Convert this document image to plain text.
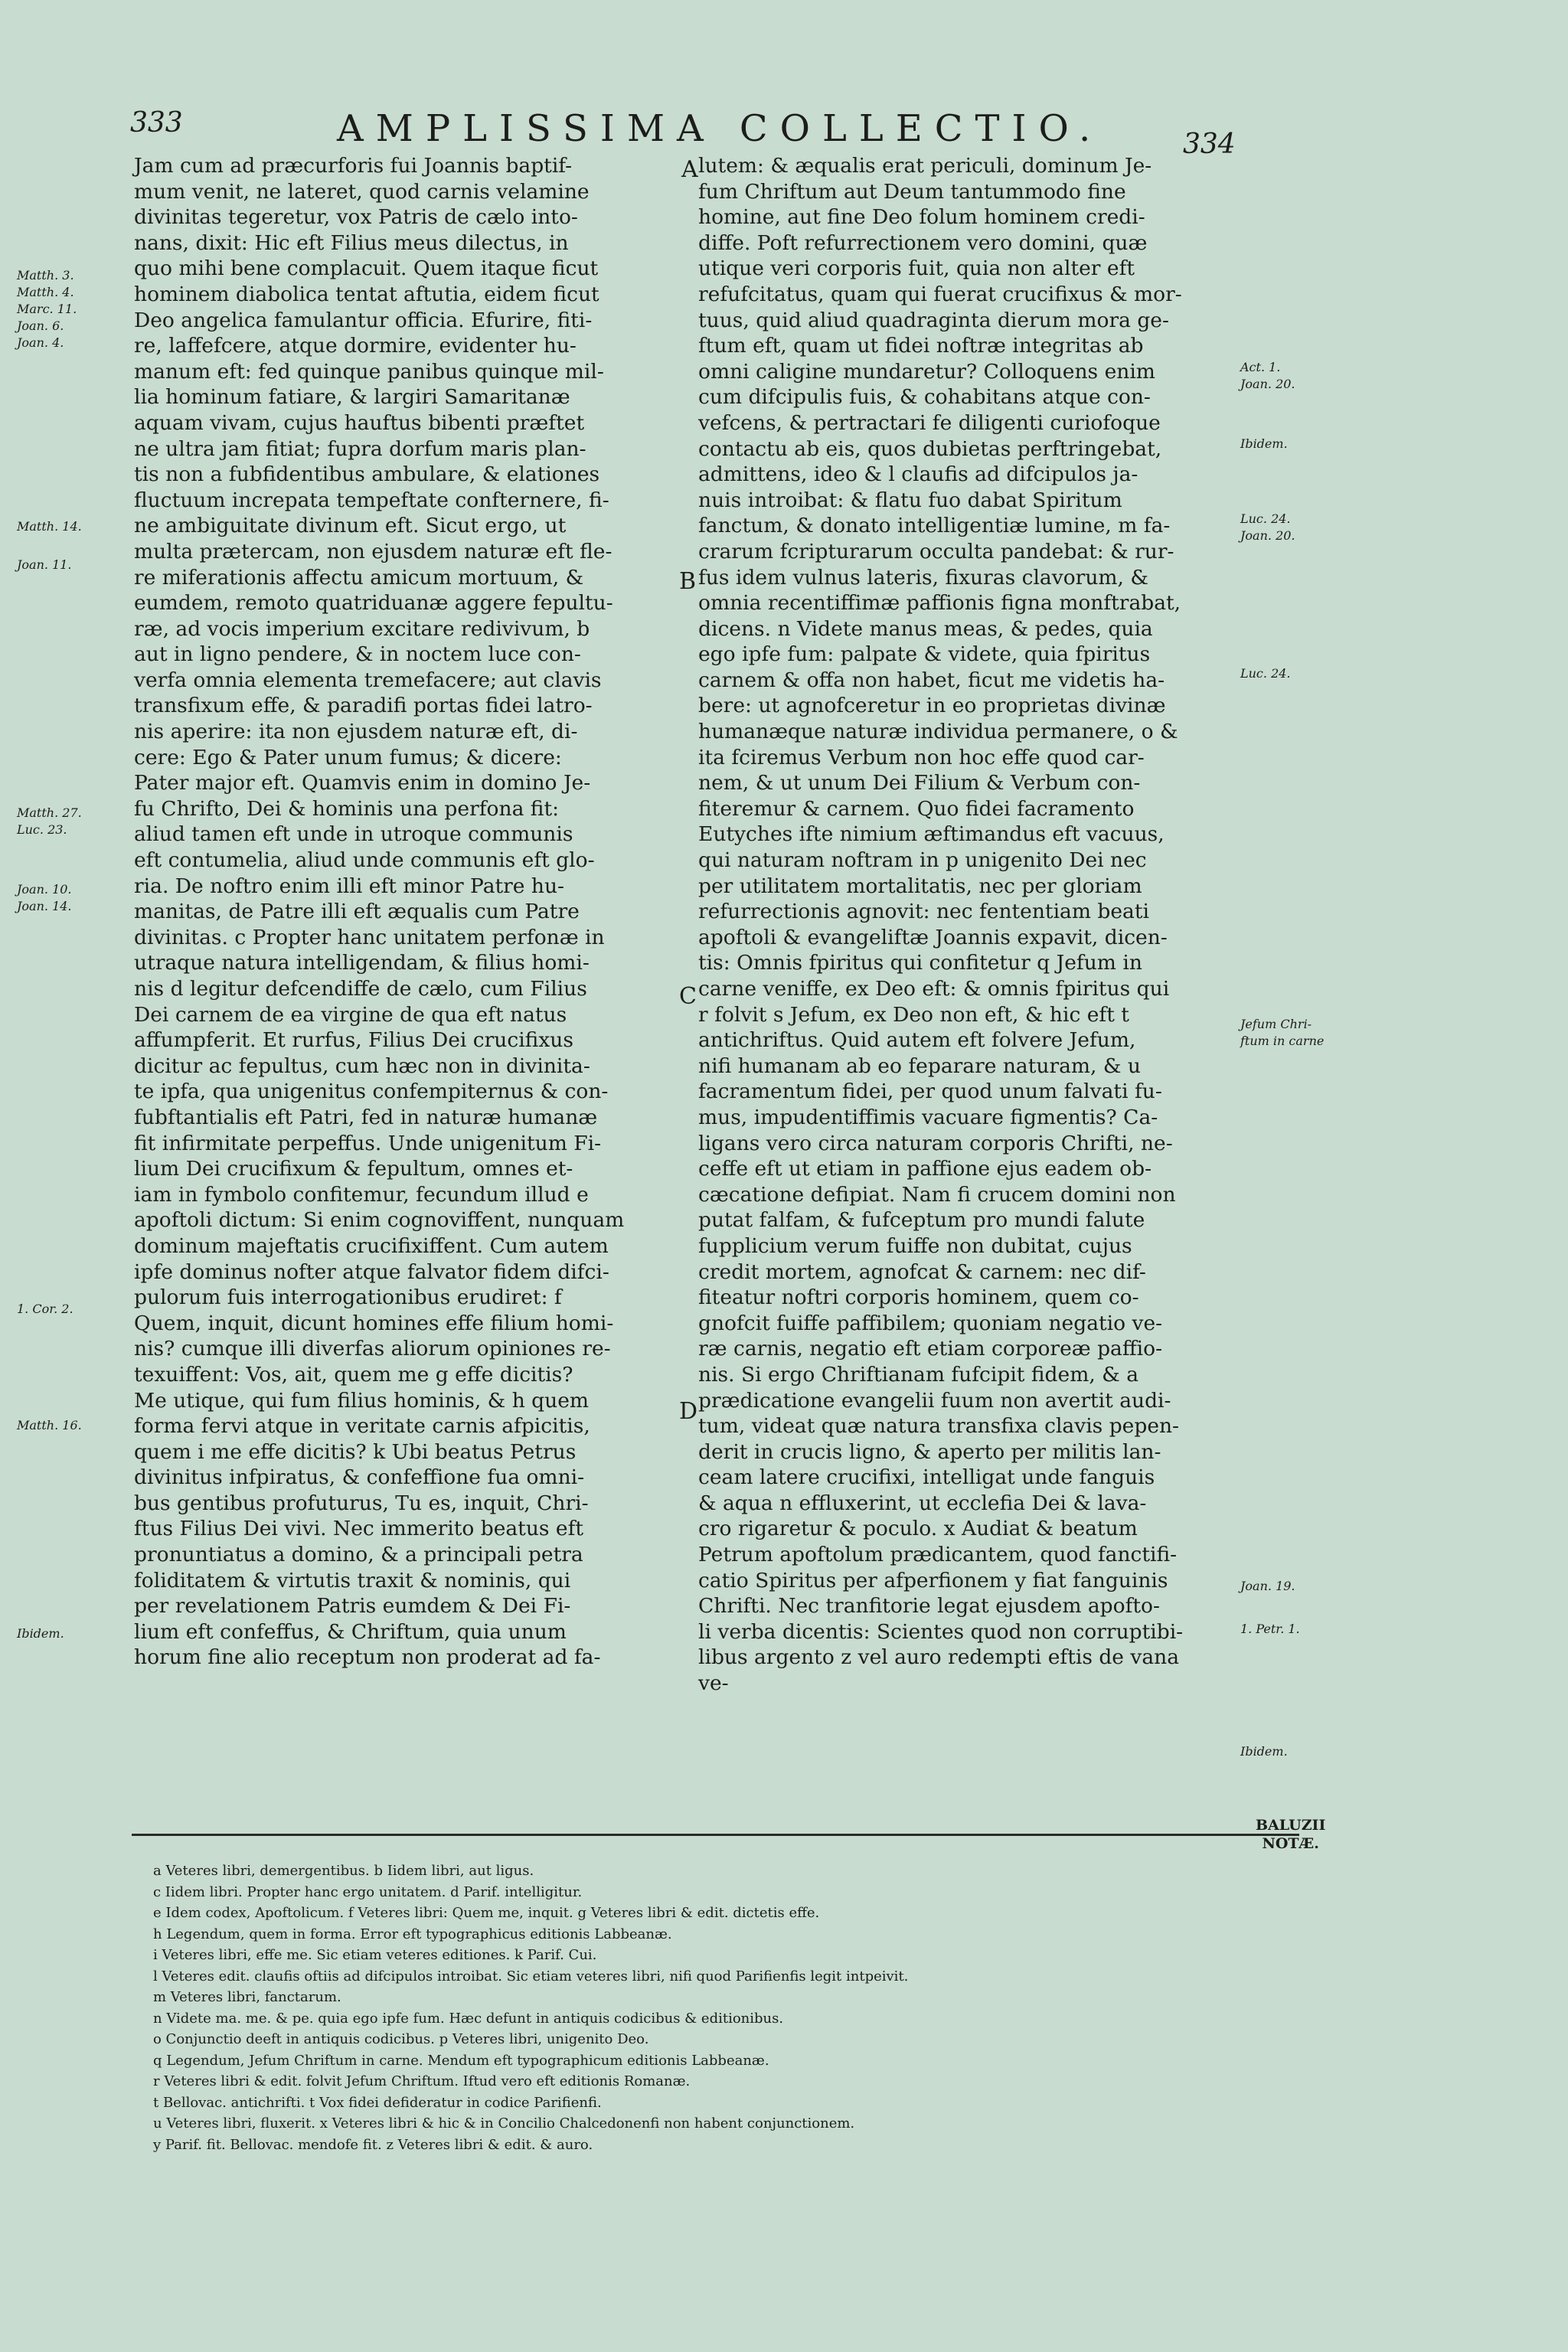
333	AMPLISSIMA COLLECTIO.	334
Jam cum ad præcurforis fui Joannis baptif-
mum venit, ne lateret, quod carnis velamine
divinitas tegeretur, vox Patris de cælo into-
nans, dixit: Hic eft Filius meus dilectus, in
quo mihi bene complacuit. Quem itaque ficut
hominem diabolica tentat aftutia, eidem ficut
Deo angelica famulantur officia. Efurire, fiti-
re, laffefcere, atque dormire, evidenter hu-
manum eft: fed quinque panibus quinque mil-
lia hominum fatiare, & largiri Samaritanæ
aquam vivam, cujus hauftus bibenti præftet
ne ultra jam fitiat; fupra dorfum maris plan-
tis non a fubfidentibus ambulare, & elationes
fluctuum increpata tempeftate confternere, fi-
ne ambiguitate divinum eft. Sicut ergo, ut
multa prætercam, non ejusdem naturæ eft fle-
re miferationis affectu amicum mortuum, &
eumdem, remoto quatriduanæ aggere fepultu-
ræ, ad vocis imperium excitare redivivum, b
aut in ligno pendere, & in noctem luce con-
verfa omnia elementa tremefacere; aut clavis
transfixum effe, & paradifi portas fidei latro-
nis aperire: ita non ejusdem naturæ eft, di-
cere: Ego & Pater unum fumus; & dicere:
Pater major eft. Quamvis enim in domino Je-
fu Chrifto, Dei & hominis una perfona fit:
aliud tamen eft unde in utroque communis
eft contumelia, aliud unde communis eft glo-
ria. De noftro enim illi eft minor Patre hu-
manitas, de Patre illi eft æqualis cum Patre
divinitas. c Propter hanc unitatem perfonæ in
utraque natura intelligendam, & filius homi-
nis d legitur defcendiffe de cælo, cum Filius
Dei carnem de ea virgine de qua eft natus
affumpferit. Et rurfus, Filius Dei crucifixus
dicitur ac fepultus, cum hæc non in divinita-
te ipfa, qua unigenitus confempiternus & con-
fubftantialis eft Patri, fed in naturæ humanæ
fit infirmitate perpeffus. Unde unigenitum Fi-
lium Dei crucifixum & fepultum, omnes et-
iam in fymbolo confitemur, fecundum illud e
apoftoli dictum: Si enim cognoviffent, nunquam
dominum majeftatis crucifixiffent. Cum autem
ipfe dominus nofter atque falvator fidem difci-
pulorum fuis interrogationibus erudiret: f
Quem, inquit, dicunt homines effe filium homi-
nis? cumque illi diverfas aliorum opiniones re-
texuiffent: Vos, ait, quem me g effe dicitis?
Me utique, qui fum filius hominis, & h quem
forma fervi atque in veritate carnis afpicitis,
quem i me effe dicitis? k Ubi beatus Petrus
divinitus infpiratus, & confeffione fua omni-
bus gentibus profuturus, Tu es, inquit, Chri-
ftus Filius Dei vivi. Nec immerito beatus eft
pronuntiatus a domino, & a principali petra
foliditatem & virtutis traxit & nominis, qui
per revelationem Patris eumdem & Dei Fi-
lium eft confeffus, & Chriftum, quia unum
horum fine alio receptum non proderat ad fa-
lutem: & æqualis erat periculi, dominum Je-
fum Chriftum aut Deum tantummodo fine
homine, aut fine Deo folum hominem credi-
diffe. Poft refurrectionem vero domini, quæ
utique veri corporis fuit, quia non alter eft
refufcitatus, quam qui fuerat crucifixus & mor-
tuus, quid aliud quadraginta dierum mora ge-
ftum eft, quam ut fidei noftræ integritas ab
omni caligine mundaretur? Colloquens enim
cum difcipulis fuis, & cohabitans atque con-
vefcens, & pertractari fe diligenti curiofoque
contactu ab eis, quos dubietas perftringebat,
admittens, ideo & l claufis ad difcipulos ja-
nuis introibat: & flatu fuo dabat Spiritum
fanctum, & donato intelligentiæ lumine, m fa-
crarum fcripturarum occulta pandebat: & rur-
fus idem vulnus lateris, fixuras clavorum, &
omnia recentiffimæ paffionis figna monftrabat,
dicens. n Videte manus meas, & pedes, quia
ego ipfe fum: palpate & videte, quia fpiritus
carnem & offa non habet, ficut me videtis ha-
bere: ut agnofceretur in eo proprietas divinæ
humanæque naturæ individua permanere, o &
ita fciremus Verbum non hoc effe quod car-
nem, & ut unum Dei Filium & Verbum con-
fiteremur & carnem. Quo fidei facramento
Eutyches ifte nimium æftimandus eft vacuus,
qui naturam noftram in p unigenito Dei nec
per utilitatem mortalitatis, nec per gloriam
refurrectionis agnovit: nec fententiam beati
apoftoli & evangeliftæ Joannis expavit, dicen-
tis: Omnis fpiritus qui confitetur q Jefum in
carne veniffe, ex Deo eft: & omnis fpiritus qui
r folvit s Jefum, ex Deo non eft, & hic eft t
antichriftus. Quid autem eft folvere Jefum,
nifi humanam ab eo feparare naturam, & u
facramentum fidei, per quod unum falvati fu-
mus, impudentiffimis vacuare figmentis? Ca-
ligans vero circa naturam corporis Chrifti, ne-
ceffe eft ut etiam in paffione ejus eadem ob-
cæcatione defipiat. Nam fi crucem domini non
putat falfam, & fufceptum pro mundi falute
fupplicium verum fuiffe non dubitat, cujus
credit mortem, agnofcat & carnem: nec dif-
fiteatur noftri corporis hominem, quem co-
gnofcit fuiffe paffibilem; quoniam negatio ve-
ræ carnis, negatio eft etiam corporeæ paffio-
nis. Si ergo Chriftianam fufcipit fidem, & a
prædicatione evangelii fuum non avertit audi-
tum, videat quæ natura transfixa clavis pepen-
derit in crucis ligno, & aperto per militis lan-
ceam latere crucifixi, intelligat unde fanguis
& aqua n effluxerint, ut ecclefia Dei & lava-
cro rigaretur & poculo. x Audiat & beatum
Petrum apoftolum prædicantem, quod fanctifi-
catio Spiritus per afperfionem y fiat fanguinis
Chrifti. Nec tranfitorie legat ejusdem apofto-
li verba dicentis: Scientes quod non corruptibi-
libus argento z vel auro redempti eftis de vana
ve-
A
B
C
D
Matth. 3.
Matth. 4.
Marc. 11.
Joan. 6.
Joan. 4.
Matth. 14.
Joan. 11.
Matth. 27.
Luc. 23.
Joan. 10.
Joan. 14.
1. Cor. 2.
Matth. 16.
Ibidem.
Act. 1.
Joan. 20.
Ibidem.
Luc. 24.
Joan. 20.
Luc. 24.
Jefum Chri-
ftum in carne
Joan. 19.
1. Petr. 1.
Ibidem.
BALUZII
NOTÆ.
a Veteres libri, demergentibus. b Iidem libri, aut ligus.
c Iidem libri. Propter hanc ergo unitatem. d Parif. intelligitur.
e Idem codex, Apoftolicum. f Veteres libri: Quem me, inquit. g Veteres libri & edit. dictetis effe.
h Legendum, quem in forma. Error eft typographicus editionis Labbeanæ.
i Veteres libri, effe me. Sic etiam veteres editiones. k Parif. Cui.
l Veteres edit. claufis oftiis ad difcipulos introibat. Sic etiam veteres libri, nifi quod Parifienfis legit intpeivit.
m Veteres libri, fanctarum.
n Videte ma. me. & pe. quia ego ipfe fum. Hæc defunt in antiquis codicibus & editionibus.
o Conjunctio deeft in antiquis codicibus. p Veteres libri, unigenito Deo.
q Legendum, Jefum Chriftum in carne. Mendum eft typographicum editionis Labbeanæ.
r Veteres libri & edit. folvit Jefum Chriftum. Iftud vero eft editionis Romanæ.
t Bellovac. antichrifti. t Vox fidei defideratur in codice Parifienfi.
u Veteres libri, fluxerit. x Veteres libri & hic & in Concilio Chalcedonenfi non habent conjunctionem.
y Parif. fit. Bellovac. mendofe fit. z Veteres libri & edit. & auro.
